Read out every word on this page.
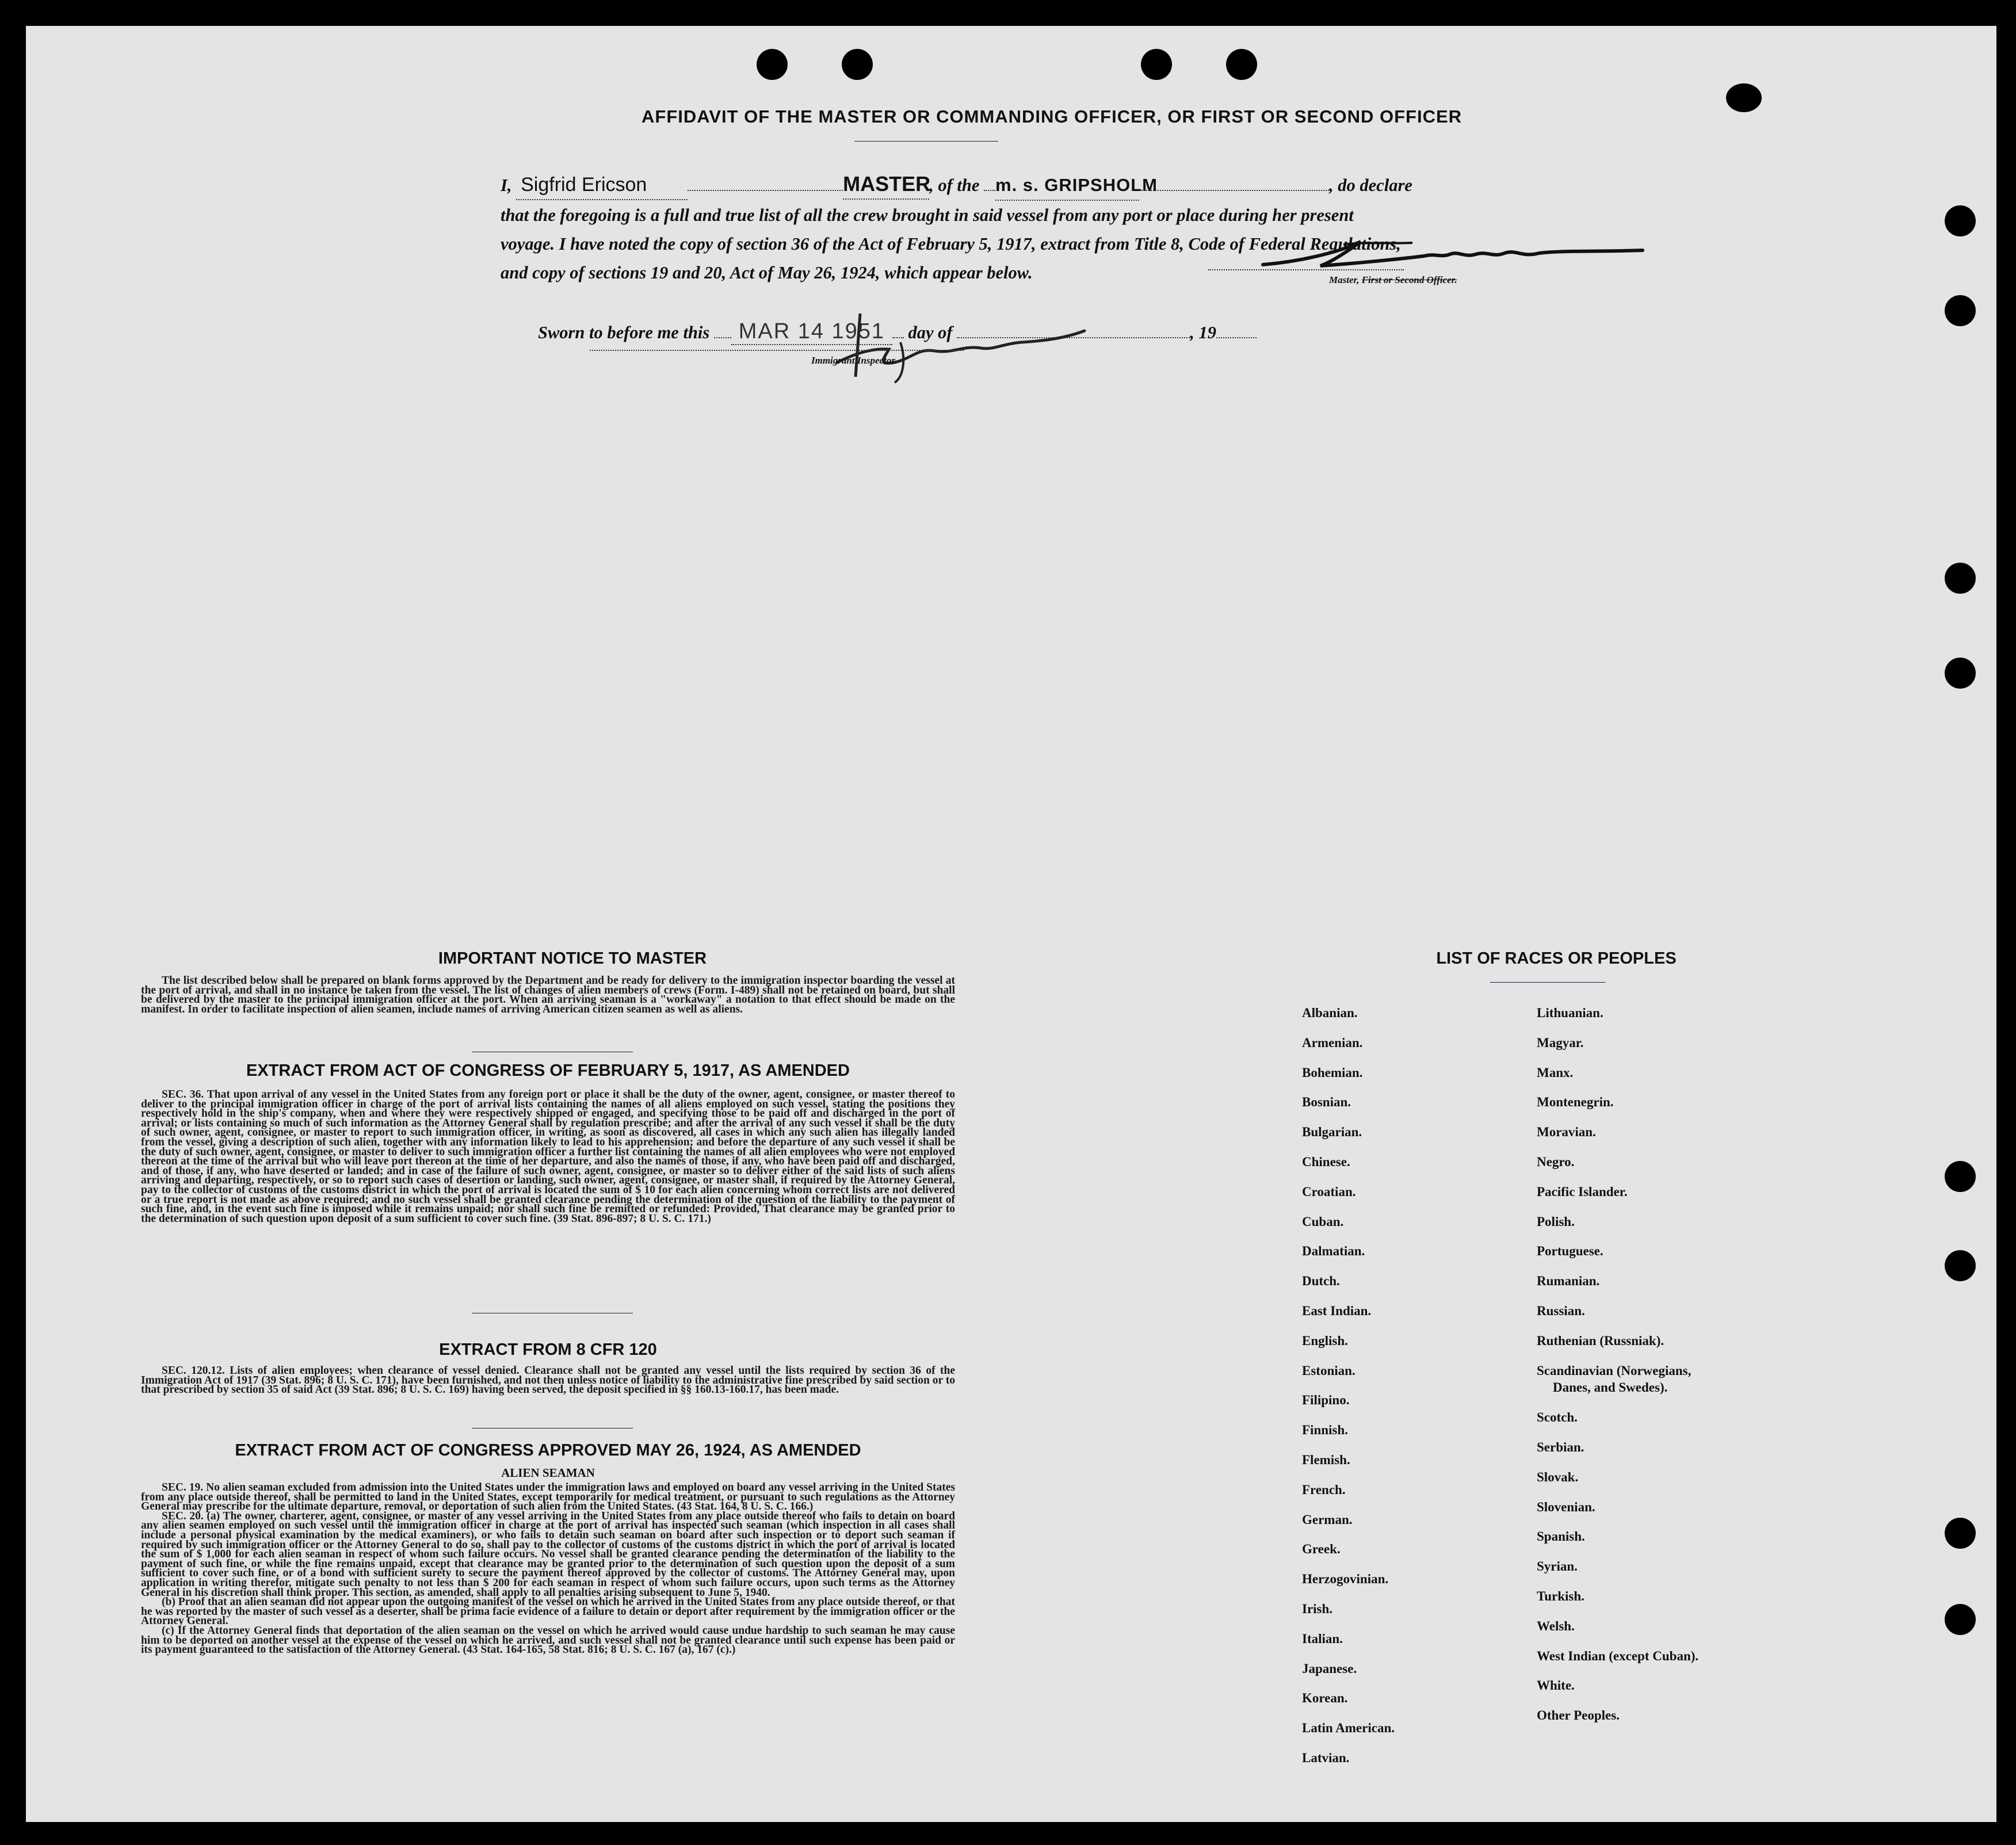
AFFIDAVIT OF THE MASTER OR COMMANDING OFFICER, OR FIRST OR SECOND OFFICER

I, Sigfrid Ericson	MASTER, of the m. s. GRIPSHOLM	, do declare

that the foregoing is a full and true list of all the crew brought in said vessel from any port or place during her present

voyage. I have noted the copy of section 36 of the Act of February 5, 1917, extract from Title 8, Code of Federal Regulations,

and copy of sections 19 and 20, Act of May 26, 1924, which appear below.	Master, First or Second Officer.
Sworn to before me this MAR 14 1951 day of	, 19
Immigrant Inspector.
IMPORTANT NOTICE TO MASTER

The list described below shall be prepared on blank forms approved by the Department and be ready for delivery to the immigration inspector boarding the vessel at the port of arrival, and shall in no instance be taken from the vessel. The list of changes of alien members of crews (Form. I-489) shall not be retained on board, but shall be delivered by the master to the principal immigration officer at the port. When an arriving seaman is a "workaway" a notation to that effect should be made on the manifest. In order to facilitate inspection of alien seamen, include names of arriving American citizen seamen as well as aliens.

EXTRACT FROM ACT OF CONGRESS OF FEBRUARY 5, 1917, AS AMENDED

SEC. 36. That upon arrival of any vessel in the United States from any foreign port or place it shall be the duty of the owner, agent, consignee, or master thereof to deliver to the principal immigration officer in charge of the port of arrival lists containing the names of all aliens employed on such vessel, stating the positions they respectively hold in the ship's company, when and where they were respectively shipped or engaged, and specifying those to be paid off and discharged in the port of arrival; or lists containing so much of such information as the Attorney General shall by regulation prescribe; and after the arrival of any such vessel it shall be the duty of such owner, agent, consignee, or master to report to such immigration officer, in writing, as soon as discovered, all cases in which any such alien has illegally landed from the vessel, giving a description of such alien, together with any information likely to lead to his apprehension; and before the departure of any such vessel it shall be the duty of such owner, agent, consignee, or master to deliver to such immigration officer a further list containing the names of all alien employees who were not employed thereon at the time of the arrival but who will leave port thereon at the time of her departure, and also the names of those, if any, who have been paid off and discharged, and of those, if any, who have deserted or landed; and in case of the failure of such owner, agent, consignee, or master so to deliver either of the said lists of such aliens arriving and departing, respectively, or so to report such cases of desertion or landing, such owner, agent, consignee, or master shall, if required by the Attorney General, pay to the collector of customs of the customs district in which the port of arrival is located the sum of $ 10 for each alien concerning whom correct lists are not delivered or a true report is not made as above required; and no such vessel shall be granted clearance pending the determination of the question of the liability to the payment of such fine, and, in the event such fine is imposed while it remains unpaid; nor shall such fine be remitted or refunded: Provided, That clearance may be granted prior to the determination of such question upon deposit of a sum sufficient to cover such fine. (39 Stat. 896-897; 8 U. S. C. 171.)

EXTRACT FROM 8 CFR 120

SEC. 120.12. Lists of alien employees; when clearance of vessel denied. Clearance shall not be granted any vessel until the lists required by section 36 of the Immigration Act of 1917 (39 Stat. 896; 8 U. S. C. 171), have been furnished, and not then unless notice of liability to the administrative fine prescribed by said section or to that prescribed by section 35 of said Act (39 Stat. 896; 8 U. S. C. 169) having been served, the deposit specified in §§ 160.13-160.17, has been made.

EXTRACT FROM ACT OF CONGRESS APPROVED MAY 26, 1924, AS AMENDED
ALIEN SEAMAN

SEC. 19. No alien seaman excluded from admission into the United States under the immigration laws and employed on board any vessel arriving in the United States from any place outside thereof, shall be permitted to land in the United States, except temporarily for medical treatment, or pursuant to such regulations as the Attorney General may prescribe for the ultimate departure, removal, or deportation of such alien from the United States. (43 Stat. 164, 8 U. S. C. 166.)

SEC. 20. (a) The owner, charterer, agent, consignee, or master of any vessel arriving in the United States from any place outside thereof who fails to detain on board any alien seamen employed on such vessel until the immigration officer in charge at the port of arrival has inspected such seaman (which inspection in all cases shall include a personal physical examination by the medical examiners), or who fails to detain such seaman on board after such inspection or to deport such seaman if required by such immigration officer or the Attorney General to do so, shall pay to the collector of customs of the customs district in which the port of arrival is located the sum of $ 1,000 for each alien seaman in respect of whom such failure occurs. No vessel shall be granted clearance pending the determination of the liability to the payment of such fine, or while the fine remains unpaid, except that clearance may be granted prior to the determination of such question upon the deposit of a sum sufficient to cover such fine, or of a bond with sufficient surety to secure the payment thereof approved by the collector of customs. The Attorney General may, upon application in writing therefor, mitigate such penalty to not less than $ 200 for each seaman in respect of whom such failure occurs, upon such terms as the Attorney General in his discretion shall think proper. This section, as amended, shall apply to all penalties arising subsequent to June 5, 1940.

(b) Proof that an alien seaman did not appear upon the outgoing manifest of the vessel on which he arrived in the United States from any place outside thereof, or that he was reported by the master of such vessel as a deserter, shall be prima facie evidence of a failure to detain or deport after requirement by the immigration officer or the Attorney General.

(c) If the Attorney General finds that deportation of the alien seaman on the vessel on which he arrived would cause undue hardship to such seaman he may cause him to be deported on another vessel at the expense of the vessel on which he arrived, and such vessel shall not be granted clearance until such expense has been paid or its payment guaranteed to the satisfaction of the Attorney General. (43 Stat. 164-165, 58 Stat. 816; 8 U. S. C. 167 (a), 167 (c).)

LIST OF RACES OR PEOPLES
Albanian.
Armenian.
Bohemian.
Bosnian.
Bulgarian.
Chinese.
Croatian.
Cuban.
Dalmatian.
Dutch.
East Indian.
English.
Estonian.
Filipino.
Finnish.
Flemish.
French.
German.
Greek.
Herzogovinian.
Irish.
Italian.
Japanese.
Korean.
Latin American.
Latvian.
Lithuanian.
Magyar.
Manx.
Montenegrin.
Moravian.
Negro.
Pacific Islander.
Polish.
Portuguese.
Rumanian.
Russian.
Ruthenian (Russniak).
Scandinavian (Norwegians,
Danes, and Swedes).
Scotch.
Serbian.
Slovak.
Slovenian.
Spanish.
Syrian.
Turkish.
Welsh.
West Indian (except Cuban).
White.
Other Peoples.
